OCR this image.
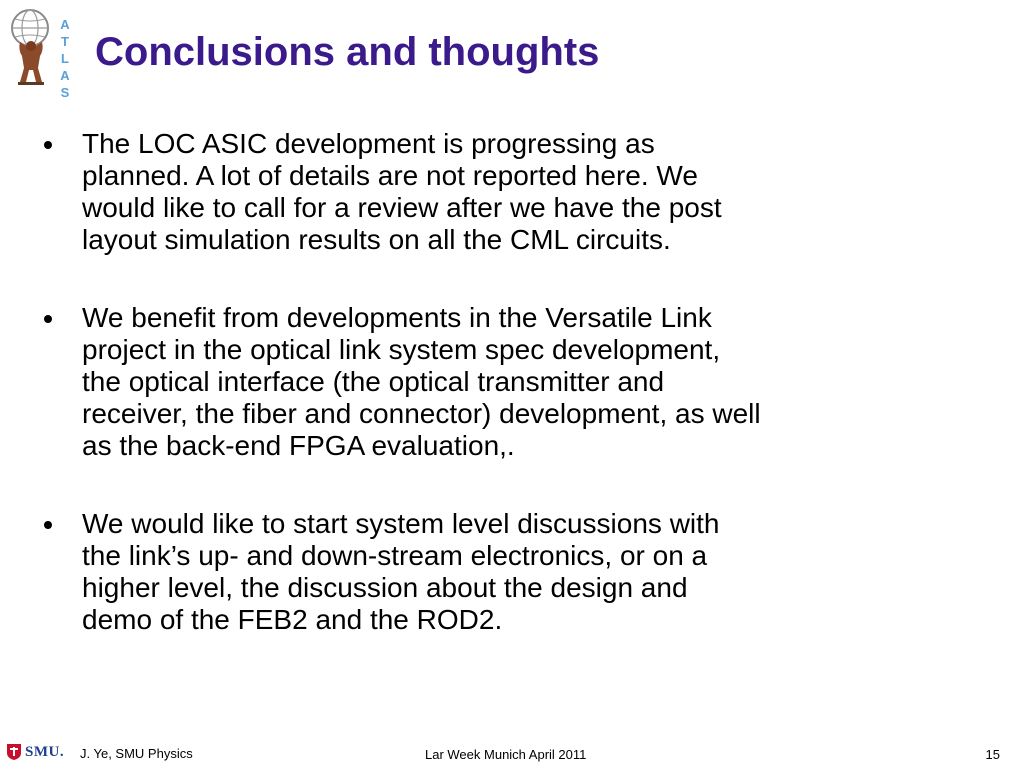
A
T
L
A
S
Conclusions and thoughts

The LOC ASIC development is progressing as
planned. A lot of details are not reported here. We
would like to call for a review after we have the post
layout simulation results on all the CML circuits.

We benefit from developments in the Versatile Link
project in the optical link system spec development,
the optical interface (the optical transmitter and
receiver, the fiber and connector) development, as well
as the back-end FPGA evaluation,.

We would like to start system level discussions with
the link’s up- and down-stream electronics, or on a
higher level, the discussion about the design and
demo of the FEB2 and the ROD2.

SMU. J. Ye, SMU Physics	Lar Week Munich April 2011	15
